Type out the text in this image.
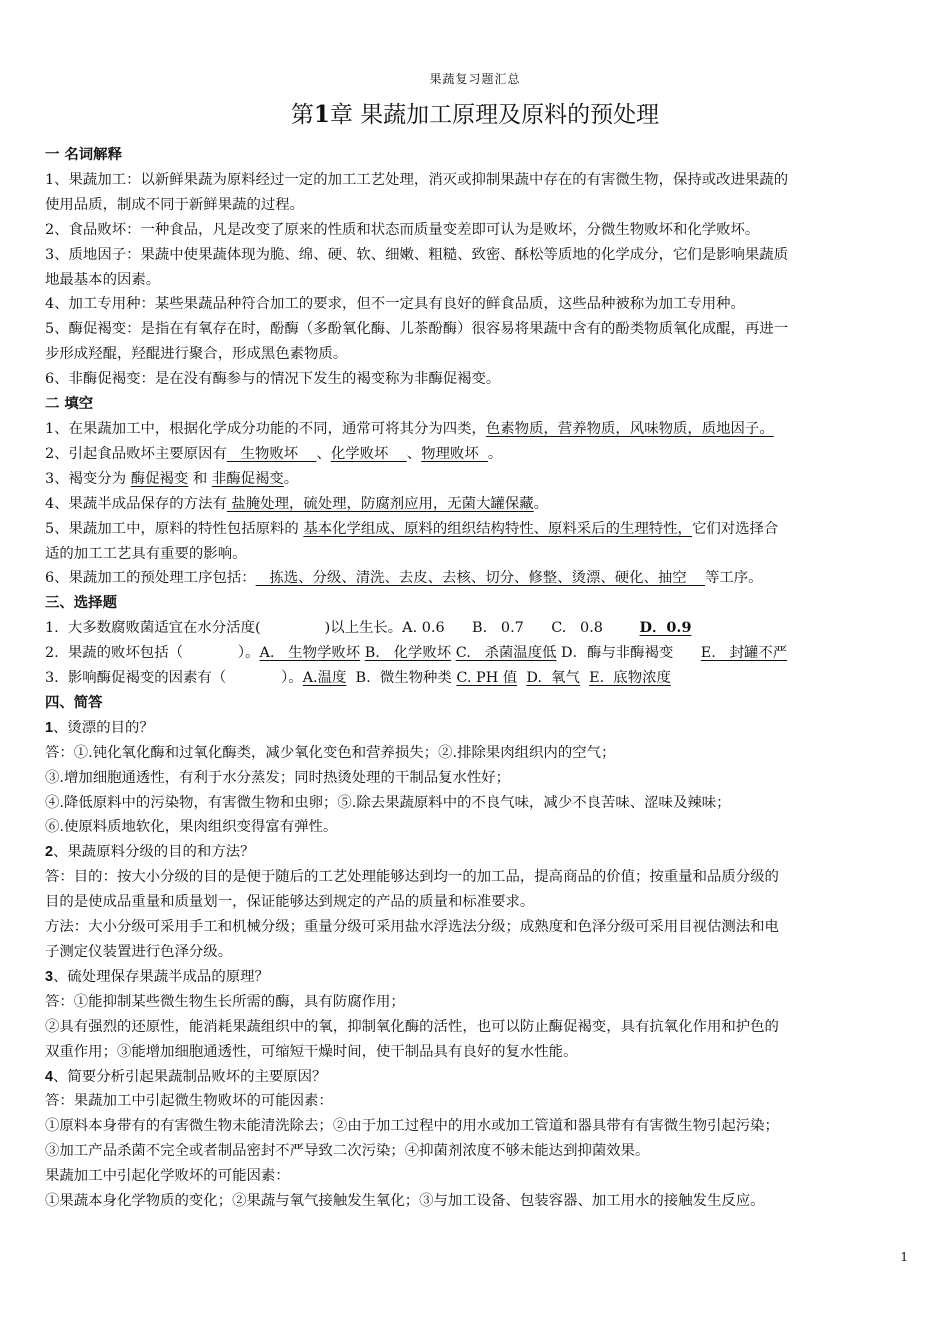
果蔬复习题汇总
第1章 果蔬加工原理及原料的预处理
一 名词解释
1、果蔬加工：以新鲜果蔬为原料经过一定的加工工艺处理，消灭或抑制果蔬中存在的有害微生物，保持或改进果蔬的
使用品质，制成不同于新鲜果蔬的过程。
2、食品败坏：一种食品，凡是改变了原来的性质和状态而质量变差即可认为是败坏，分微生物败坏和化学败坏。
3、质地因子：果蔬中使果蔬体现为脆、绵、硬、软、细嫩、粗糙、致密、酥松等质地的化学成分，它们是影响果蔬质
地最基本的因素。
4、加工专用种：某些果蔬品种符合加工的要求，但不一定具有良好的鲜食品质，这些品种被称为加工专用种。
5、酶促褐变：是指在有氧存在时，酚酶（多酚氧化酶、儿茶酚酶）很容易将果蔬中含有的酚类物质氧化成醌，再进一
步形成羟醌，羟醌进行聚合，形成黑色素物质。
6、非酶促褐变：是在没有酶参与的情况下发生的褐变称为非酶促褐变。
二 填空
1、在果蔬加工中，根据化学成分功能的不同，通常可将其分为四类，色素物质，营养物质，风味物质，质地因子。
2、引起食品败坏主要原因有   生物败坏    、化学败坏    、物理败坏  。
3、褐变分为 酶促褐变 和 非酶促褐变。
4、果蔬半成品保存的方法有 盐腌处理，硫处理，防腐剂应用，无菌大罐保藏。
5、果蔬加工中，原料的特性包括原料的 基本化学组成、原料的组织结构特性、原料采后的生理特性，它们对选择合
适的加工工艺具有重要的影响。
6、果蔬加工的预处理工序包括：   拣选、分级、清洗、去皮、去核、切分、修整、烫漂、硬化、抽空    等工序。
三、选择题
1.  大多数腐败菌适宜在水分活度(              )以上生长。A. 0.6      B.   0.7      C.   0.8        D．0.9
2.  果蔬的败坏包括（            ）。A.   生物学败坏 B.   化学败坏 C.   杀菌温度低 D．酶与非酶褐变      E.   封罐不严
3.  影响酶促褐变的因素有（            ）。A.温度  B.  微生物种类 C. PH 值 D.  氧气 E.  底物浓度
四、简答
1、烫漂的目的？
答：①.钝化氧化酶和过氧化酶类，减少氧化变色和营养损失；②.排除果肉组织内的空气；
③.增加细胞通透性，有利于水分蒸发；同时热烫处理的干制品复水性好；
④.降低原料中的污染物，有害微生物和虫卵；⑤.除去果蔬原料中的不良气味，减少不良苦味、涩味及辣味；
⑥.使原料质地软化，果肉组织变得富有弹性。
2、果蔬原料分级的目的和方法？
答：目的：按大小分级的目的是便于随后的工艺处理能够达到均一的加工品，提高商品的价值；按重量和品质分级的
目的是使成品重量和质量划一，保证能够达到规定的产品的质量和标准要求。
方法：大小分级可采用手工和机械分级；重量分级可采用盐水浮选法分级；成熟度和色泽分级可采用目视估测法和电
子测定仪装置进行色泽分级。
3、硫处理保存果蔬半成品的原理？
答：①能抑制某些微生物生长所需的酶，具有防腐作用；
②具有强烈的还原性，能消耗果蔬组织中的氧，抑制氧化酶的活性，也可以防止酶促褐变，具有抗氧化作用和护色的
双重作用；③能增加细胞通透性，可缩短干燥时间，使干制品具有良好的复水性能。
4、简要分析引起果蔬制品败坏的主要原因？
答：果蔬加工中引起微生物败坏的可能因素：
①原料本身带有的有害微生物未能清洗除去；②由于加工过程中的用水或加工管道和器具带有有害微生物引起污染；
③加工产品杀菌不完全或者制品密封不严导致二次污染；④抑菌剂浓度不够未能达到抑菌效果。
果蔬加工中引起化学败坏的可能因素：
①果蔬本身化学物质的变化；②果蔬与氧气接触发生氧化；③与加工设备、包装容器、加工用水的接触发生反应。
1
